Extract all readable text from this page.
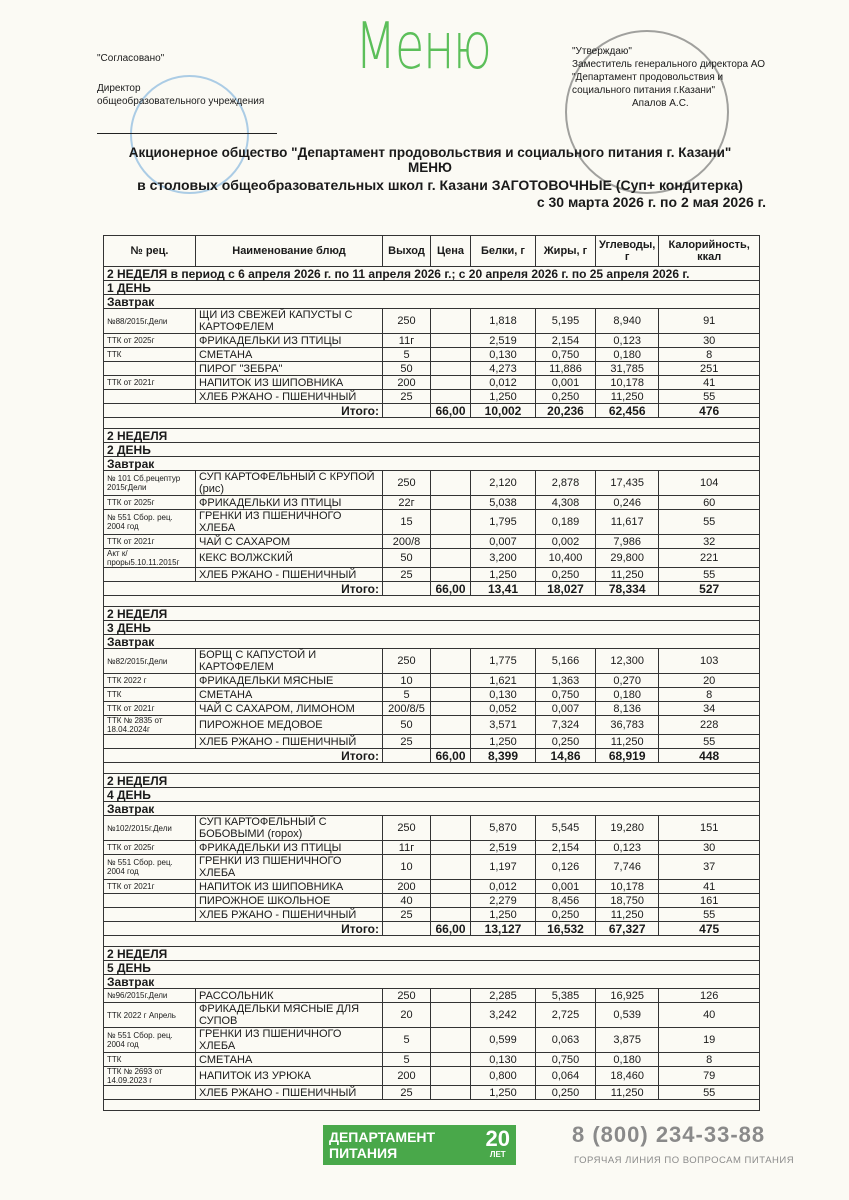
"Согласовано"
Директор
общеобразовательного учреждения
Меню	"Утверждаю"
Заместитель генерального директора АО "Департамент продовольствия и социального питания г.Казани"
Апалов А.С.
Акционерное общество "Департамент продовольствия и социального питания г. Казани"
МЕНЮ
в столовых общеобразовательных школ г. Казани ЗАГОТОВОЧНЫЕ (Суп+ кондитерка)
с 30 марта 2026 г. по 2 мая 2026 г.
№ рец.	Наименование блюд	Выход	Цена	Белки, г	Жиры, г	Углеводы, г	Калорийность, ккал
2 НЕДЕЛЯ в период с 6 апреля 2026 г. по 11 апреля 2026 г.; с 20 апреля 2026 г. по 25 апреля 2026 г.							
1 ДЕНЬ							
Завтрак							
№88/2015г.Дели	ЩИ ИЗ СВЕЖЕЙ КАПУСТЫ С КАРТОФЕЛЕМ	250		1,818	5,195	8,940	91
ТТК от 2025г	ФРИКАДЕЛЬКИ ИЗ ПТИЦЫ	11г		2,519	2,154	0,123	30
ТТК	СМЕТАНА	5		0,130	0,750	0,180	8
	ПИРОГ "ЗЕБРА"	50		4,273	11,886	31,785	251
ТТК от 2021г	НАПИТОК ИЗ ШИПОВНИКА	200		0,012	0,001	10,178	41
	ХЛЕБ РЖАНО - ПШЕНИЧНЫЙ	25		1,250	0,250	11,250	55
Итого:			66,00	10,002	20,236	62,456	476

2 НЕДЕЛЯ							
2 ДЕНЬ							
Завтрак							
№ 101 Сб.рецептур 2015гДели	СУП КАРТОФЕЛЬНЫЙ С КРУПОЙ (рис)	250		2,120	2,878	17,435	104
ТТК от 2025г	ФРИКАДЕЛЬКИ ИЗ ПТИЦЫ	22г		5,038	4,308	0,246	60
№ 551 Сбор. рец. 2004 год	ГРЕНКИ ИЗ ПШЕНИЧНОГО ХЛЕБА	15		1,795	0,189	11,617	55
ТТК от 2021г	ЧАЙ С САХАРОМ	200/8		0,007	0,002	7,986	32
Акт к/проры5.10.11.2015г	КЕКС ВОЛЖСКИЙ	50		3,200	10,400	29,800	221
	ХЛЕБ РЖАНО - ПШЕНИЧНЫЙ	25		1,250	0,250	11,250	55
Итого:			66,00	13,41	18,027	78,334	527

2 НЕДЕЛЯ							
3 ДЕНЬ							
Завтрак							
№82/2015г.Дели	БОРЩ С КАПУСТОЙ И КАРТОФЕЛЕМ	250		1,775	5,166	12,300	103
ТТК 2022 г	ФРИКАДЕЛЬКИ МЯСНЫЕ	10		1,621	1,363	0,270	20
ТТК	СМЕТАНА	5		0,130	0,750	0,180	8
ТТК от 2021г	ЧАЙ С САХАРОМ, ЛИМОНОМ	200/8/5		0,052	0,007	8,136	34
ТТК № 2835 от 18.04.2024г	ПИРОЖНОЕ МЕДОВОЕ	50		3,571	7,324	36,783	228
	ХЛЕБ РЖАНО - ПШЕНИЧНЫЙ	25		1,250	0,250	11,250	55
Итого:			66,00	8,399	14,86	68,919	448

2 НЕДЕЛЯ							
4 ДЕНЬ							
Завтрак							
№102/2015г.Дели	СУП КАРТОФЕЛЬНЫЙ С БОБОВЫМИ (горох)	250		5,870	5,545	19,280	151
ТТК от 2025г	ФРИКАДЕЛЬКИ ИЗ ПТИЦЫ	11г		2,519	2,154	0,123	30
№ 551 Сбор. рец. 2004 год	ГРЕНКИ ИЗ ПШЕНИЧНОГО ХЛЕБА	10		1,197	0,126	7,746	37
ТТК от 2021г	НАПИТОК ИЗ ШИПОВНИКА	200		0,012	0,001	10,178	41
	ПИРОЖНОЕ ШКОЛЬНОЕ	40		2,279	8,456	18,750	161
	ХЛЕБ РЖАНО - ПШЕНИЧНЫЙ	25		1,250	0,250	11,250	55
Итого:			66,00	13,127	16,532	67,327	475

2 НЕДЕЛЯ							
5 ДЕНЬ							
Завтрак							
№96/2015г.Дели	РАССОЛЬНИК	250		2,285	5,385	16,925	126
ТТК 2022 г Апрель	ФРИКАДЕЛЬКИ МЯСНЫЕ ДЛЯ СУПОВ	20		3,242	2,725	0,539	40
№ 551 Сбор. рец. 2004 год	ГРЕНКИ ИЗ ПШЕНИЧНОГО ХЛЕБА	5		0,599	0,063	3,875	19
ТТК	СМЕТАНА	5		0,130	0,750	0,180	8
ТТК № 2693 от 14.09.2023 г	НАПИТОК ИЗ УРЮКА	200		0,800	0,064	18,460	79
	ХЛЕБ РЖАНО - ПШЕНИЧНЫЙ	25		1,250	0,250	11,250	55

ДЕПАРТАМЕНТ
ПИТАНИЯ
20
ЛЕТ
8 (800) 234-33-88
ГОРЯЧАЯ ЛИНИЯ ПО ВОПРОСАМ ПИТАНИЯ
